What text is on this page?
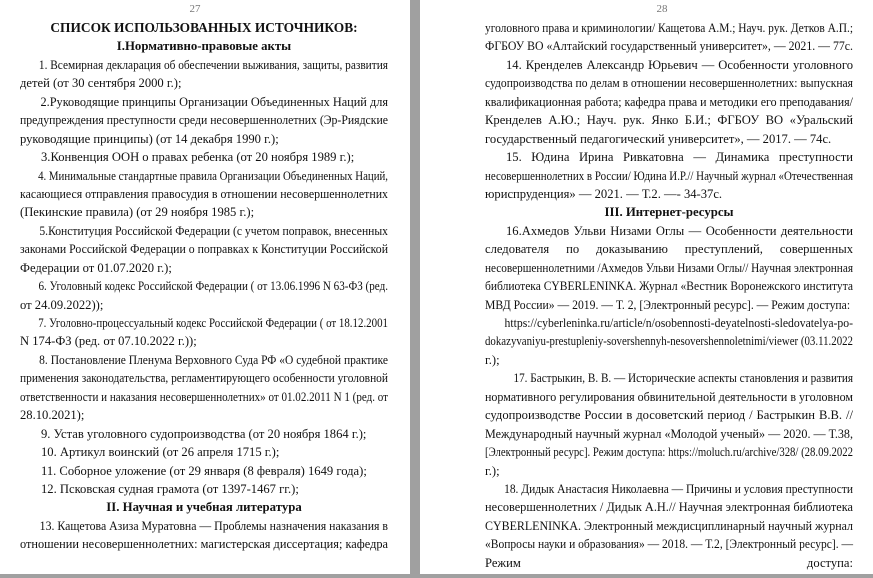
27
СПИСОК ИСПОЛЬЗОВАННЫХ ИСТОЧНИКОВ:
I.Нормативно-правовые акты
1. Всемирная декларация об обеспечении выживания, защиты, развития
детей (от 30 сентября 2000 г.);
2.Руководящие принципы Организации Объединенных Наций для
предупреждения преступности среди несовершеннолетних (Эр-Риядские
руководящие принципы) (от 14 декабря 1990 г.);
3.Конвенция ООН о правах ребенка (от 20 ноября 1989 г.);
4. Минимальные стандартные правила Организации Объединенных Наций,
касающиеся отправления правосудия в отношении несовершеннолетних
(Пекинские правила) (от 29 ноября 1985 г.);
5.Конституция Российской Федерации (с учетом поправок, внесенных
законами Российской Федерации о поправках к Конституции Российской
Федерации от 01.07.2020 г.);
6. Уголовный кодекс Российской Федерации ( от 13.06.1996 N 63-ФЗ (ред.
от 24.09.2022));
7. Уголовно-процессуальный кодекс Российской Федерации ( от 18.12.2001
N 174-ФЗ (ред. от 07.10.2022 г.));
8. Постановление Пленума Верховного Суда РФ «О судебной практике
применения законодательства, регламентирующего особенности уголовной
ответственности и наказания несовершеннолетних» от 01.02.2011 N 1 (ред. от
28.10.2021);
9. Устав уголовного судопроизводства (от 20 ноября 1864 г.);
10. Артикул воинский (от 26 апреля 1715 г.);
11. Соборное уложение (от 29 января (8 февраля) 1649 года);
12. Псковская судная грамота (от 1397-1467 гг.);
II. Научная и учебная литература
13. Кащетова Азиза Муратовна — Проблемы назначения наказания в
отношении несовершеннолетних: магистерская диссертация; кафедра
28
уголовного права и криминологии/ Кащетова А.М.; Науч. рук. Детков А.П.;
ФГБОУ ВО «Алтайский государственный университет», — 2021. — 77с.
14. Кренделев Александр Юрьевич — Особенности уголовного
судопроизводства по делам в отношении несовершеннолетних: выпускная
квалификационная работа; кафедра права и методики его преподавания/
Кренделев А.Ю.; Науч. рук. Янко Б.И.; ФГБОУ ВО «Уральский
государственный педагогический университет», — 2017. — 74с.
15. Юдина Ирина Ривкатовна — Динамика преступности
несовершеннолетних в России/ Юдина И.Р.// Научный журнал «Отечественная
юриспруденция» — 2021. — Т.2. —- 34-37с.
III. Интернет-ресурсы
16.Ахмедов Ульви Низами Оглы — Особенности деятельности
следователя по доказыванию преступлений, совершенных
несовершеннолетними /Ахмедов Ульви Низами Оглы// Научная электронная
библиотека CYBERLENINKA. Журнал «Вестник Воронежского института
МВД России» — 2019. — Т. 2, [Электронный ресурс]. — Режим доступа:
https://cyberleninka.ru/article/n/osobennosti-deyatelnosti-sledovatelya-po-
dokazyvaniyu-prestupleniy-sovershennyh-nesovershennoletnimi/viewer (03.11.2022
г.);
17. Бастрыкин, В. В. — Исторические аспекты становления и развития
нормативного регулирования обвинительной деятельности в уголовном
судопроизводстве России в досоветский период / Бастрыкин В.В. //
Международный научный журнал «Молодой ученый» — 2020. — Т.38,
[Электронный ресурс]. Режим доступа: https://moluch.ru/archive/328/ (28.09.2022
г.);
18. Дидык Анастасия Николаевна — Причины и условия преступности
несовершеннолетних / Дидык А.Н.// Научная электронная библиотека
CYBERLENINKA. Электронный междисциплинарный научный журнал
«Вопросы науки и образования» — 2018. — Т.2, [Электронный ресурс]. —
Режим доступа:
